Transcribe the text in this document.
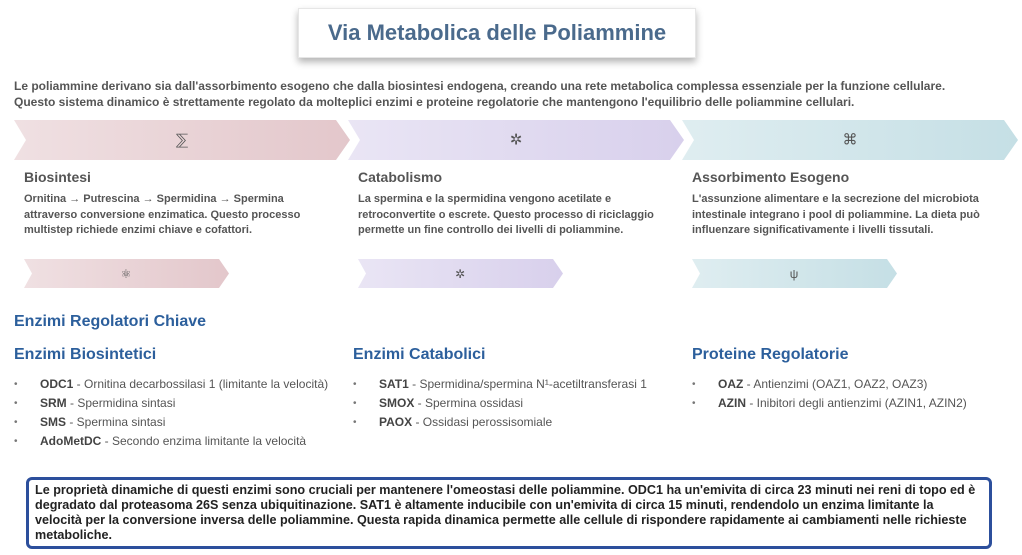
Via Metabolica delle Poliammine

Le poliammine derivano sia dall'assorbimento esogeno che dalla biosintesi endogena, creando una rete metabolica complessa essenziale per la funzione cellulare.

Questo sistema dinamico è strettamente regolato da molteplici enzimi e proteine regolatorie che mantengono l'equilibrio delle poliammine cellulari.

⅀	✲	⌘
Biosintesi
Ornitina → Putrescina → Spermidina → Spermina attraverso conversione enzimatica. Questo processo multistep richiede enzimi chiave e cofattori.
Catabolismo
La spermina e la spermidina vengono acetilate e retroconvertite o escrete. Questo processo di riciclaggio permette un fine controllo dei livelli di poliammine.
Assorbimento Esogeno
L'assunzione alimentare e la secrezione del microbiota intestinale integrano i pool di poliammine. La dieta può influenzare significativamente i livelli tissutali.
⚛	✲	ψ
Enzimi Regolatori Chiave
Enzimi Biosintetici
• ODC1 - Ornitina decarbossilasi 1 (limitante la velocità)
• SRM - Spermidina sintasi
• SMS - Spermina sintasi
• AdoMetDC - Secondo enzima limitante la velocità
Enzimi Catabolici
• SAT1 - Spermidina/spermina N¹-acetiltransferasi 1
• SMOX - Spermina ossidasi
• PAOX - Ossidasi perossisomiale
Proteine Regolatorie
• OAZ - Antienzimi (OAZ1, OAZ2, OAZ3)
• AZIN - Inibitori degli antienzimi (AZIN1, AZIN2)
Le proprietà dinamiche di questi enzimi sono cruciali per mantenere l'omeostasi delle poliammine. ODC1 ha un'emivita di circa 23 minuti nei reni di topo ed è degradato dal proteasoma 26S senza ubiquitinazione. SAT1 è altamente inducibile con un'emivita di circa 15 minuti, rendendolo un enzima limitante la velocità per la conversione inversa delle poliammine. Questa rapida dinamica permette alle cellule di rispondere rapidamente ai cambiamenti nelle richieste metaboliche.
